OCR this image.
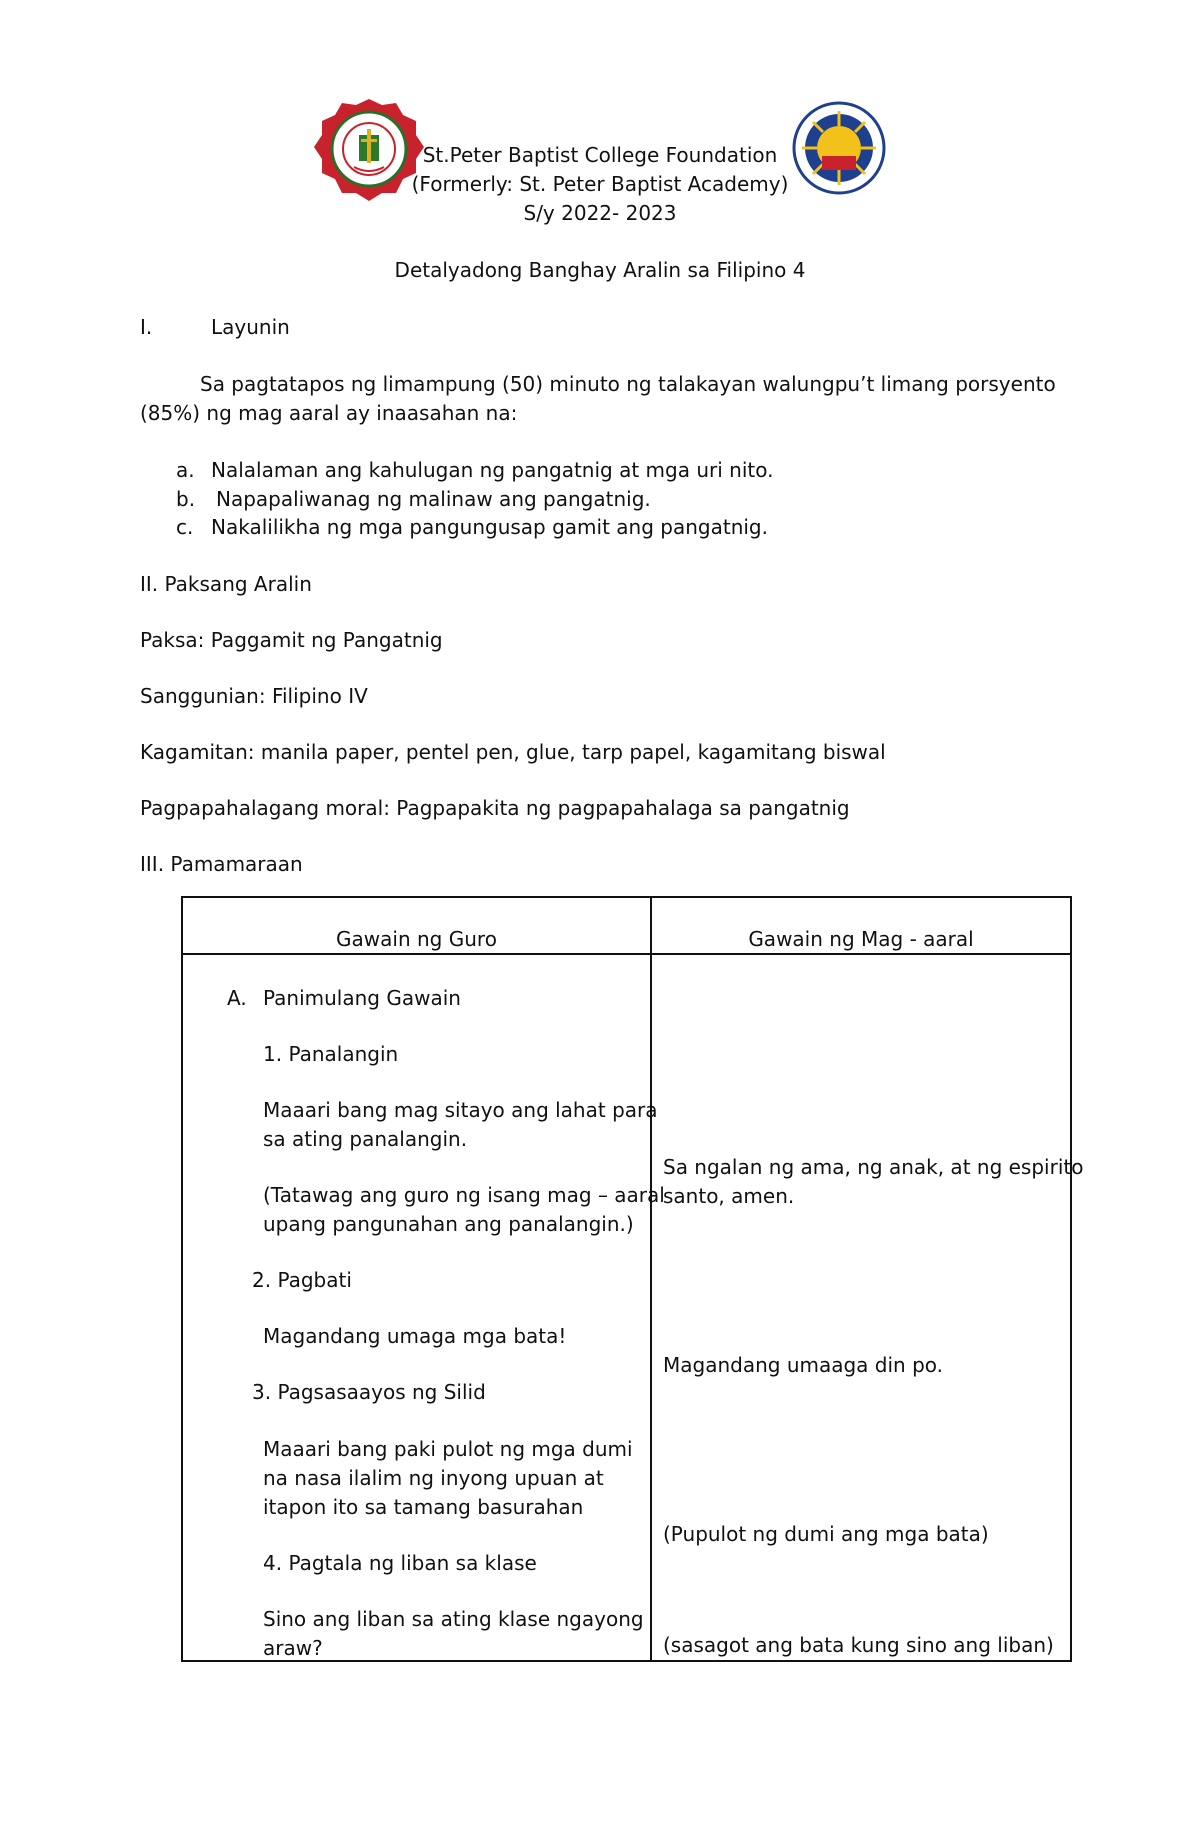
St.Peter Baptist College Foundation
(Formerly: St. Peter Baptist Academy)
S/y 2022- 2023
Detalyadong Banghay Aralin sa Filipino 4
I.	Layunin
Sa pagtatapos ng limampung (50) minuto ng talakayan walungpu’t limang porsyento
(85%) ng mag aaral ay inaasahan na:
a. Nalalaman ang kahulugan ng pangatnig at mga uri nito.
b. Napapaliwanag ng malinaw ang pangatnig.
c. Nakalilikha ng mga pangungusap gamit ang pangatnig.
II. Paksang Aralin
Paksa: Paggamit ng Pangatnig
Sanggunian: Filipino IV
Kagamitan: manila paper, pentel pen, glue, tarp papel, kagamitang biswal
Pagpapahalagang moral: Pagpapakita ng pagpapahalaga sa pangatnig
III. Pamamaraan
Gawain ng Guro	Gawain ng Mag - aaral
A. Panimulang Gawain
1. Panalangin
Maaari bang mag sitayo ang lahat para
sa ating panalangin.
(Tatawag ang guro ng isang mag – aaral
upang pangunahan ang panalangin.)
2. Pagbati
Magandang umaga mga bata!
3. Pagsasaayos ng Silid
Maaari bang paki pulot ng mga dumi
na nasa ilalim ng inyong upuan at
itapon ito sa tamang basurahan
4. Pagtala ng liban sa klase
Sino ang liban sa ating klase ngayong
araw?
Sa ngalan ng ama, ng anak, at ng espirito
santo, amen.
Magandang umaaga din po.
(Pupulot ng dumi ang mga bata)
(sasagot ang bata kung sino ang liban)
